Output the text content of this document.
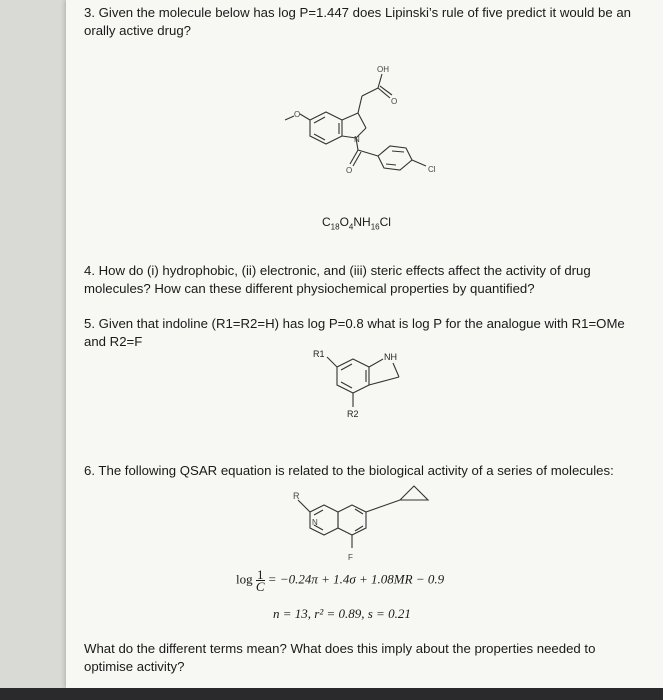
3. Given the molecule below has log P=1.447 does Lipinski’s rule of five predict it would be an orally active drug?
OH
O
O
N
O	Cl
$C_{18}O_4NH_{16}Cl$
4. How do (i) hydrophobic, (ii) electronic, and (iii) steric effects affect the activity of drug molecules? How can these different physiochemical properties by quantified?
5. Given that indoline (R1=R2=H) has log P=0.8 what is log P for the analogue with R1=OMe and R2=F
R1	NH
R2
6. The following QSAR equation is related to the biological activity of a series of molecules:
R
N
F
$\log \frac{1}{C} = -0.24\pi + 1.4\sigma + 1.08MR - 0.9$
n = 13, r² = 0.89, s = 0.21
What do the different terms mean? What does this imply about the properties needed to optimise activity?
